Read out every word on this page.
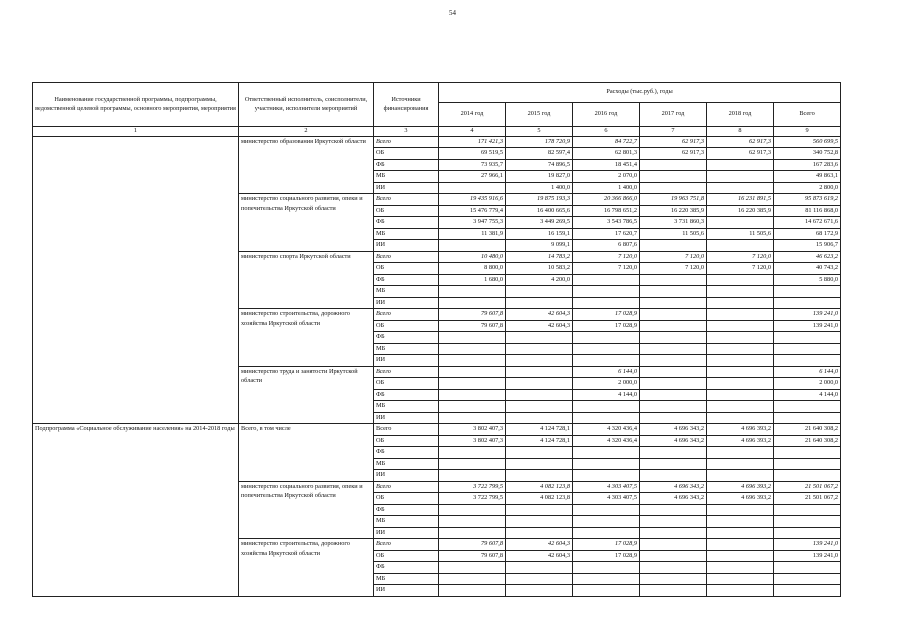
54
Наименование государственной программы, подпрограммы, ведомственной целевой программы, основного мероприятия, мероприятия	Ответственный исполнитель, соисполнители, участники, исполнители мероприятий	Источники финансирования	Расходы (тыс.руб.), годы					
			2014 год	2015 год	2016 год	2017 год	2018 год	Всего
1	2	3	4	5	6	7	8	9
	министерство образования Иркутской области	Всего	171 421,3	178 720,9	84 722,7	62 917,3	62 917,3	560 699,5
		ОБ	69 519,5	82 597,4	62 801,3	62 917,3	62 917,3	340 752,8
		ФБ	73 935,7	74 896,5	18 451,4			167 283,6
		МБ	27 966,1	19 827,0	2 070,0			49 863,1
		ИИ		1 400,0	1 400,0			2 800,0
	министерство социального развития, опеки и попечительства Иркутской области	Всего	19 435 916,6	19 875 193,3	20 366 866,0	19 963 751,8	16 231 891,5	95 873 619,2
		ОБ	15 476 779,4	16 400 665,6	16 798 651,2	16 220 385,9	16 220 385,9	81 116 868,0
		ФБ	3 947 755,3	3 449 269,5	3 543 786,5	3 731 860,3		14 672 671,6
		МБ	11 381,9	16 159,1	17 620,7	11 505,6	11 505,6	68 172,9
		ИИ		9 099,1	6 807,6			15 906,7
	министерство спорта Иркутской области	Всего	10 480,0	14 783,2	7 120,0	7 120,0	7 120,0	46 623,2
		ОБ	8 800,0	10 583,2	7 120,0	7 120,0	7 120,0	40 743,2
		ФБ	1 680,0	4 200,0				5 880,0
		МБ						
		ИИ						
	министерство строительства, дорожного хозяйства Иркутской области	Всего	79 607,8	42 604,3	17 028,9			139 241,0
		ОБ	79 607,8	42 604,3	17 028,9			139 241,0
		ФБ						
		МБ						
		ИИ						
	министерство труда и занятости Иркутской области	Всего			6 144,0			6 144,0
		ОБ			2 000,0			2 000,0
		ФБ			4 144,0			4 144,0
		МБ						
		ИИ						
Подпрограмма «Социальное обслуживание населения» на 2014-2018 годы	Всего, в том числе	Всего	3 802 407,3	4 124 728,1	4 320 436,4	4 696 343,2	4 696 393,2	21 640 308,2
		ОБ	3 802 407,3	4 124 728,1	4 320 436,4	4 696 343,2	4 696 393,2	21 640 308,2
		ФБ						
		МБ						
		ИИ						
	министерство социального развития, опеки и попечительства Иркутской области	Всего	3 722 799,5	4 082 123,8	4 303 407,5	4 696 343,2	4 696 393,2	21 501 067,2
		ОБ	3 722 799,5	4 082 123,8	4 303 407,5	4 696 343,2	4 696 393,2	21 501 067,2
		ФБ						
		МБ						
		ИИ						
	министерство строительства, дорожного хозяйства Иркутской области	Всего	79 607,8	42 604,3	17 028,9			139 241,0
		ОБ	79 607,8	42 604,3	17 028,9			139 241,0
		ФБ						
		МБ						
		ИИ						
